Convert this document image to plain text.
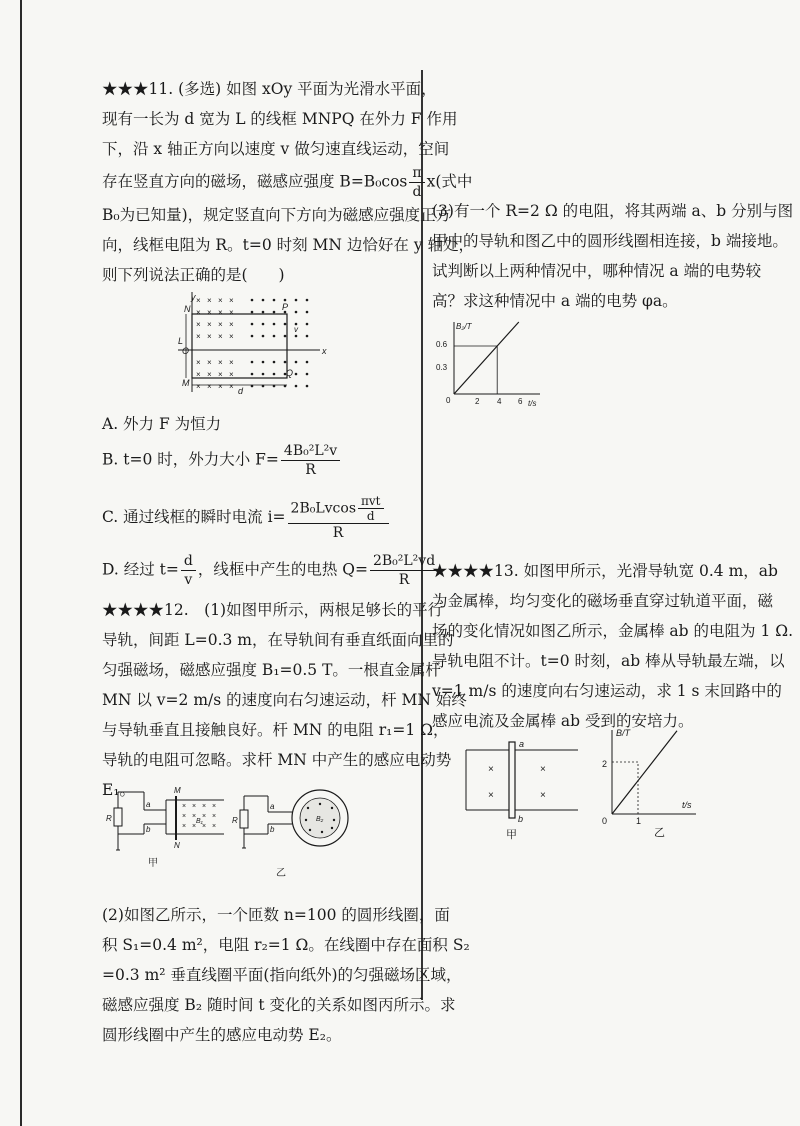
★★★11. (多选) 如图 xOy 平面为光滑水平面，
现有一长为 d 宽为 L 的线框 MNPQ 在外力 F 作用
下，沿 x 轴正方向以速度 v 做匀速直线运动，空间
存在竖直方向的磁场，磁感应强度 $B=B_0\cos \frac{\pi}{d} x$(式中
B₀为已知量)，规定竖直向下方向为磁感应强度正方
向，线框电阻为 R。t=0 时刻 MN 边恰好在 y 轴处，
则下列说法正确的是(　　)
× × × ×
× × × ×
× × × ×
× × × ×
× × × ×
× × × ×
× × × ×
y
x
O
N	P
M
Q
L
d
v
A. 外力 F 为恒力
B. t=0 时，外力大小 $F= \frac{\text{4B₀²L²v}}{R}$
C. 通过线框的瞬时电流 $i= \frac{2B_0Lvcos \frac{\text{πvt}}{d}}{R}$
D. 经过 $t= \frac{d}{v}$ ，线框中产生的电热 $Q= \frac{\text{2B₀²L²vd}}{R}$
★★★★12.　(1)如图甲所示，两根足够长的平行
导轨，间距 L=0.3 m，在导轨间有垂直纸面向里的
匀强磁场，磁感应强度 B₁=0.5 T。一根直金属杆
MN 以 v=2 m/s 的速度向右匀速运动，杆 MN 始终
与导轨垂直且接触良好。杆 MN 的电阻 r₁=1 Ω，
导轨的电阻可忽略。求杆 MN 中产生的感应电动势
E₁。
× × × ×
× × × ×
× × × ×
R
a
b
M
N
B₁
甲
R
a
b
B₂
乙
(2)如图乙所示，一个匝数 n=100 的圆形线圈，面
积 S₁=0.4 m²，电阻 r₂=1 Ω。在线圈中存在面积 S₂
=0.3 m² 垂直线圈平面(指向纸外)的匀强磁场区域，
磁感应强度 B₂ 随时间 t 变化的关系如图丙所示。求
圆形线圈中产生的感应电动势 E₂。
(3)有一个 R=2 Ω 的电阻，将其两端 a、b 分别与图
甲中的导轨和图乙中的圆形线圈相连接，b 端接地。
试判断以上两种情况中，哪种情况 a 端的电势较
高？求这种情况中 a 端的电势 φa。
B₂/T
t/s
0.6
0.3
0	2 4 6
★★★★13. 如图甲所示，光滑导轨宽 0.4 m，ab
为金属棒，均匀变化的磁场垂直穿过轨道平面，磁
场的变化情况如图乙所示，金属棒 ab 的电阻为 1 Ω.
导轨电阻不计。t=0 时刻，ab 棒从导轨最左端，以
v=1 m/s 的速度向右匀速运动，求 1 s 末回路中的
感应电流及金属棒 ab 受到的安培力。
×	×
×	×
a
b
甲
B/T
t/s
2
0	1
乙
